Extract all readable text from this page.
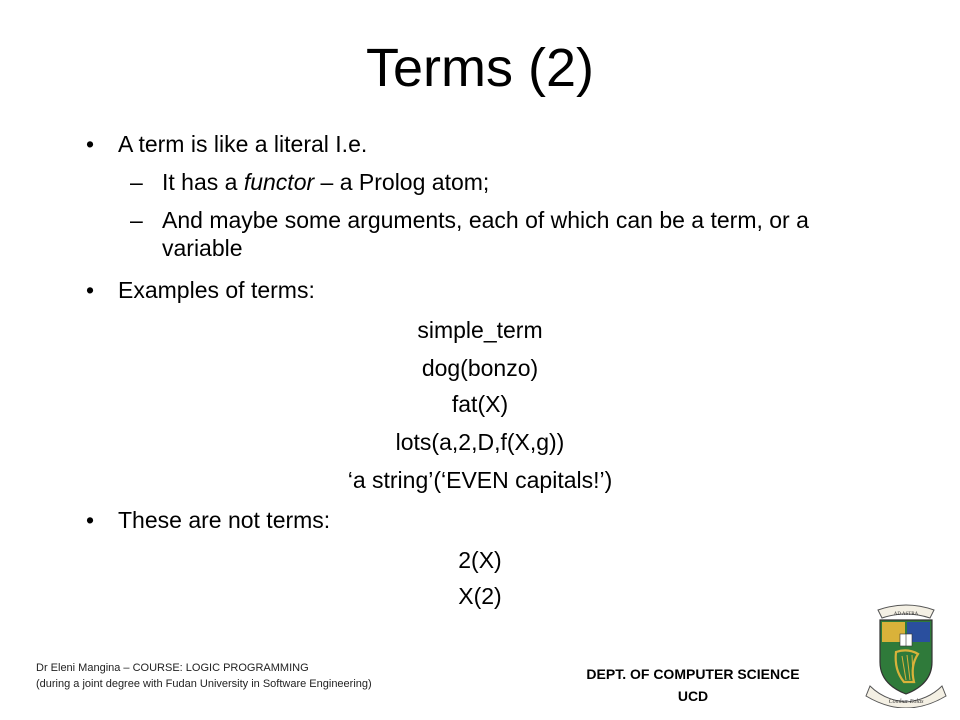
Terms (2)
• A term is like a literal I.e.
– It has a functor – a Prolog atom;
– And maybe some arguments, each of which can be a term, or a variable
• Examples of terms:
simple_term
dog(bonzo)
fat(X)
lots(a,2,D,f(X,g))
‘a string’(‘EVEN capitals!’)
• These are not terms:
2(X)
X(2)
Dr Eleni Mangina – COURSE: LOGIC PROGRAMMING
(during a joint degree with Fudan University in Software Engineering)
DEPT. OF COMPUTER SCIENCE
UCD
AD ASTRA
Comhar Eolas
